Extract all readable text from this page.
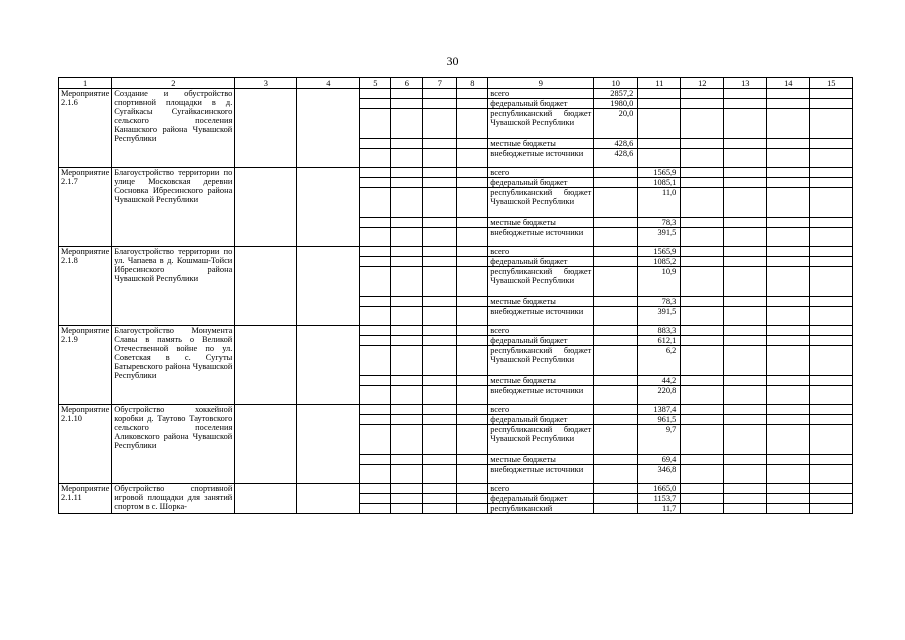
30
1	2	3	4	5	6	7	8	9	10	11	12	13	14	15
Мероприятие 2.1.6	Создание и обустройство спортивной площадки в д. Сугайкасы Сугайкасинского сельского поселения Канашского района Чувашской Республики							всего	2857,2					
								федеральный бюджет	1980,0					
								республиканский бюджет Чувашской Республики	20,0					
								местные бюджеты	428,6					
								внебюджетные источники	428,6					
Мероприятие 2.1.7	Благоустройство территории по улице Московская деревни Сосновка Ибресинского района Чувашской Республики							всего		1565,9				
								федеральный бюджет		1085,1				
								республиканский бюджет Чувашской Республики		11,0				
								местные бюджеты		78,3				
								внебюджетные источники		391,5				
Мероприятие 2.1.8	Благоустройство территории по ул. Чапаева в д. Кошмаш-Тойси Ибресинского района Чувашской Республики							всего		1565,9				
								федеральный бюджет		1085,2				
								республиканский бюджет Чувашской Республики		10,9				
								местные бюджеты		78,3				
								внебюджетные источники		391,5				
Мероприятие 2.1.9	Благоустройство Монумента Славы в память о Великой Отечественной войне по ул. Советская в с. Сугуты Батыревского района Чувашской Республики							всего		883,3				
								федеральный бюджет		612,1				
								республиканский бюджет Чувашской Республики		6,2				
								местные бюджеты		44,2				
								внебюджетные источники		220,8				
Мероприятие 2.1.10	Обустройство хоккейной коробки д. Таутово Таутовского сельского поселения Аликовского района Чувашской Республики							всего		1387,4				
								федеральный бюджет		961,5				
								республиканский бюджет Чувашской Республики		9,7				
								местные бюджеты		69,4				
								внебюджетные источники		346,8				
Мероприятие 2.1.11	Обустройство спортивной игровой площадки для занятий спортом в с. Шорка-							всего		1665,0				
								федеральный бюджет		1153,7				
								республиканский		11,7				
